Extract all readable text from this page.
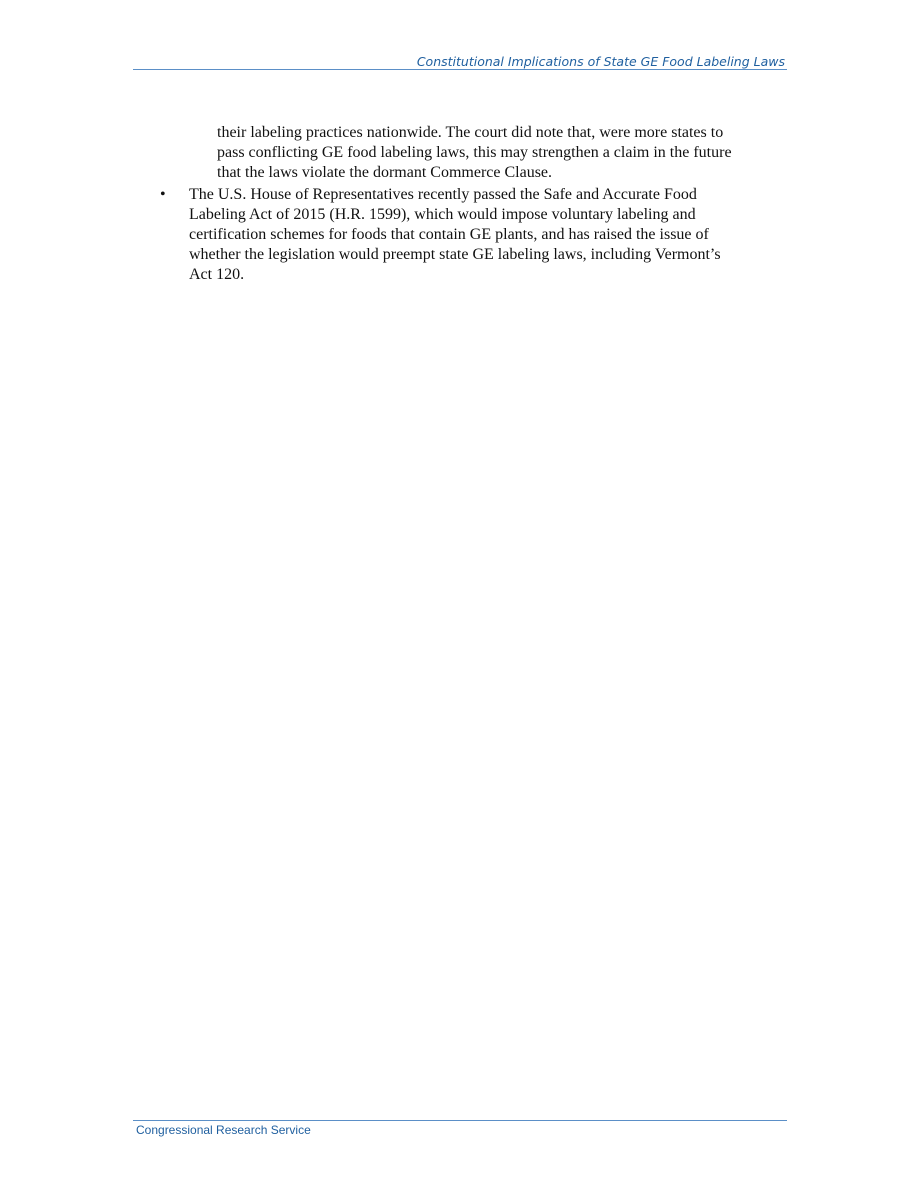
Constitutional Implications of State GE Food Labeling Laws
their labeling practices nationwide. The court did note that, were more states to pass conflicting GE food labeling laws, this may strengthen a claim in the future that the laws violate the dormant Commerce Clause.
•	The U.S. House of Representatives recently passed the Safe and Accurate Food Labeling Act of 2015 (H.R. 1599), which would impose voluntary labeling and certification schemes for foods that contain GE plants, and has raised the issue of whether the legislation would preempt state GE labeling laws, including Vermont’s Act 120.
Congressional Research Service
